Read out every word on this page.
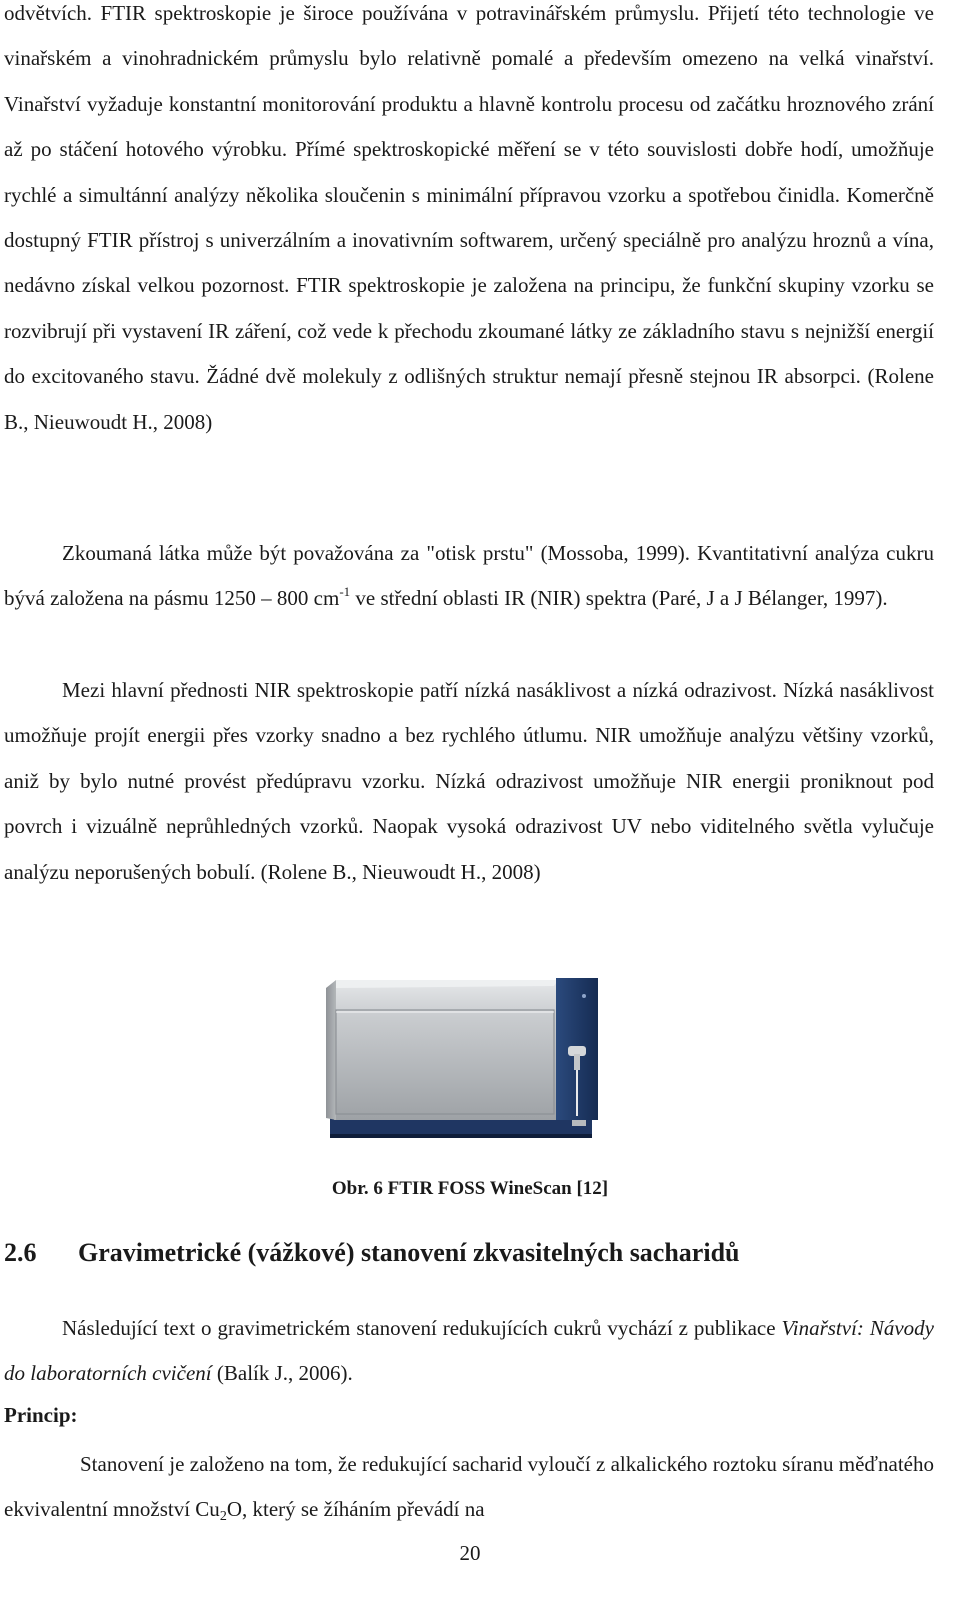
odvětvích. FTIR spektroskopie je široce používána v potravinářském průmyslu. Přijetí této technologie ve vinařském a vinohradnickém průmyslu bylo relativně pomalé a především omezeno na velká vinařství. Vinařství vyžaduje konstantní monitorování produktu a hlavně kontrolu procesu od začátku hroznového zrání až po stáčení hotového výrobku. Přímé spektroskopické měření se v této souvislosti dobře hodí, umožňuje rychlé a simultánní analýzy několika sloučenin s minimální přípravou vzorku a spotřebou činidla. Komerčně dostupný FTIR přístroj s univerzálním a inovativním softwarem, určený speciálně pro analýzu hroznů a vína, nedávno získal velkou pozornost. FTIR spektroskopie je založena na principu, že funkční skupiny vzorku se rozvibrují při vystavení IR záření, což vede k přechodu zkoumané látky ze základního stavu s nejnižší energií do excitovaného stavu. Žádné dvě molekuly z odlišných struktur nemají přesně stejnou IR absorpci. (Rolene B., Nieuwoudt H., 2008)

Zkoumaná látka může být považována za "otisk prstu" (Mossoba, 1999). Kvantitativní analýza cukru bývá založena na pásmu 1250 – 800 $cm^{-1}$ ve střední oblasti IR (NIR) spektra (Paré, J a J Bélanger, 1997).

Mezi hlavní přednosti NIR spektroskopie patří nízká nasáklivost a nízká odrazivost. Nízká nasáklivost umožňuje projít energii přes vzorky snadno a bez rychlého útlumu. NIR umožňuje analýzu většiny vzorků, aniž by bylo nutné provést předúpravu vzorku. Nízká odrazivost umožňuje NIR energii proniknout pod povrch i vizuálně neprůhledných vzorků. Naopak vysoká odrazivost UV nebo viditelného světla vylučuje analýzu neporušených bobulí. (Rolene B., Nieuwoudt H., 2008)

Obr. 6 FTIR FOSS WineScan [12]
2.6 Gravimetrické (vážkové) stanovení zkvasitelných sacharidů

Následující text o gravimetrickém stanovení redukujících cukrů vychází z publikace Vinařství: Návody do laboratorních cvičení (Balík J., 2006).

Princip:

Stanovení je založeno na tom, že redukující sacharid vyloučí z alkalického roztoku síranu měďnatého ekvivalentní množství $Cu_2O$, který se žíháním převádí na

20
